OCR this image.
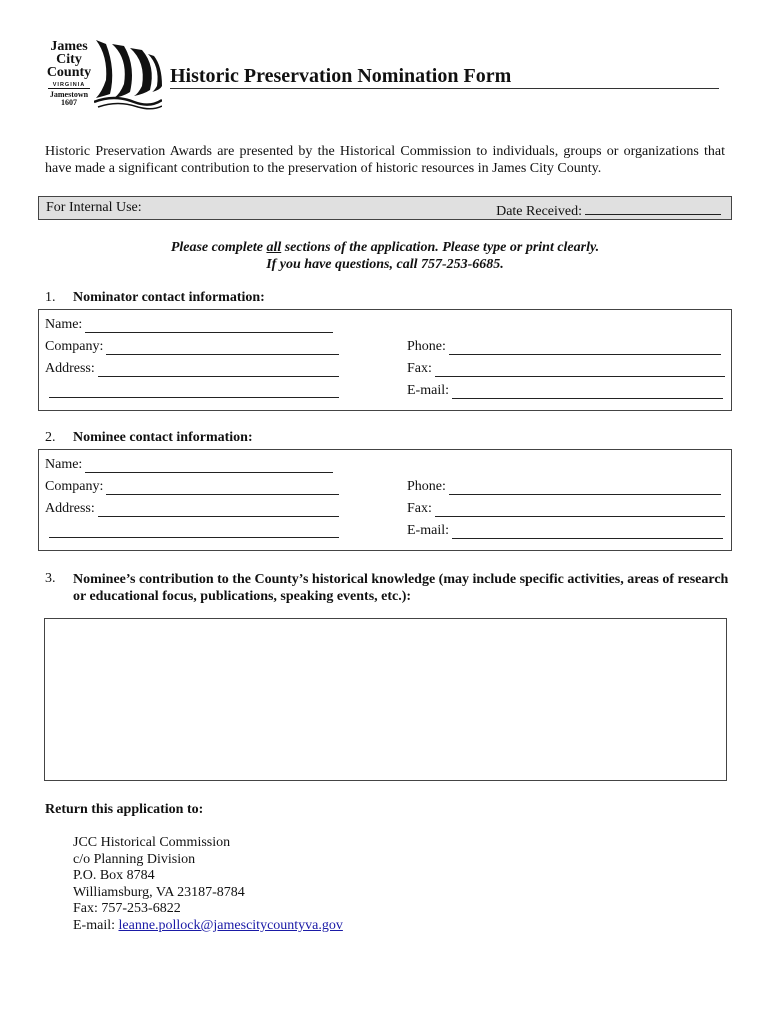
James
City
County
VIRGINIA
Jamestown
1607
Historic Preservation Nomination Form
Historic Preservation Awards are presented by the Historical Commission to individuals, groups or organizations that have made a significant contribution to the preservation of historic resources in James City County.
For Internal Use:	Date Received:
Please complete all sections of the application. Please type or print clearly.
If you have questions, call 757-253-6685.
1. Nominator contact information:
Name:
Company:
Address:
Phone:
Fax:
E-mail:
2. Nominee contact information:
Name:
Company:
Address:
Phone:
Fax:
E-mail:
3. Nominee’s contribution to the County’s historical knowledge (may include specific activities, areas of research or educational focus, publications, speaking events, etc.):
Return this application to:
JCC Historical Commission
c/o Planning Division
P.O. Box 8784
Williamsburg, VA 23187-8784
Fax: 757-253-6822
E-mail: leanne.pollock@jamescitycountyva.gov
